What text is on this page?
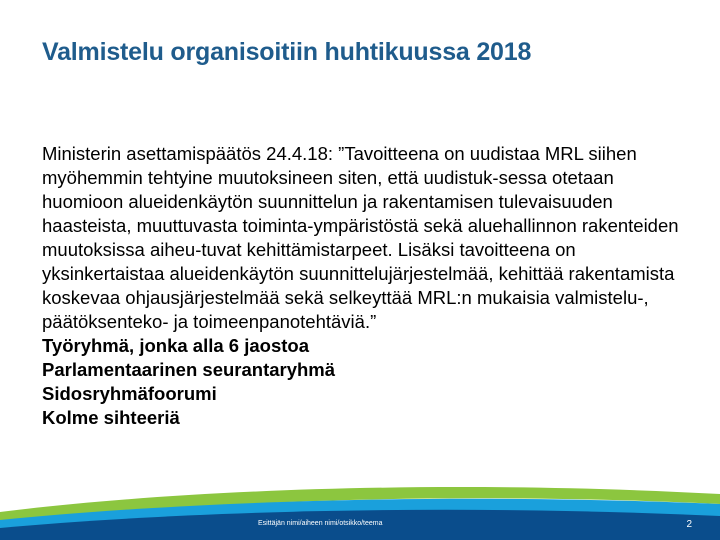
Valmistelu organisoitiin huhtikuussa 2018

Ministerin asettamispäätös 24.4.18: ”Tavoitteena on uudistaa MRL siihen myöhemmin tehtyine muutoksineen siten, että uudistuk-sessa otetaan huomioon alueidenkäytön suunnittelun ja rakentamisen tulevaisuuden haasteista, muuttuvasta toiminta-ympäristöstä sekä aluehallinnon rakenteiden muutoksissa aiheu-tuvat kehittämistarpeet. Lisäksi tavoitteena on yksinkertaistaa alueidenkäytön suunnittelujärjestelmää, kehittää rakentamista koskevaa ohjausjärjestelmää sekä selkeyttää MRL:n mukaisia valmistelu-, päätöksenteko- ja toimeenpanotehtäviä.”

Työryhmä, jonka alla 6 jaostoa
Parlamentaarinen seurantaryhmä
Sidosryhmäfoorumi
Kolme sihteeriä
Esittäjän nimi/aiheen nimi/otsikko/teema	2
